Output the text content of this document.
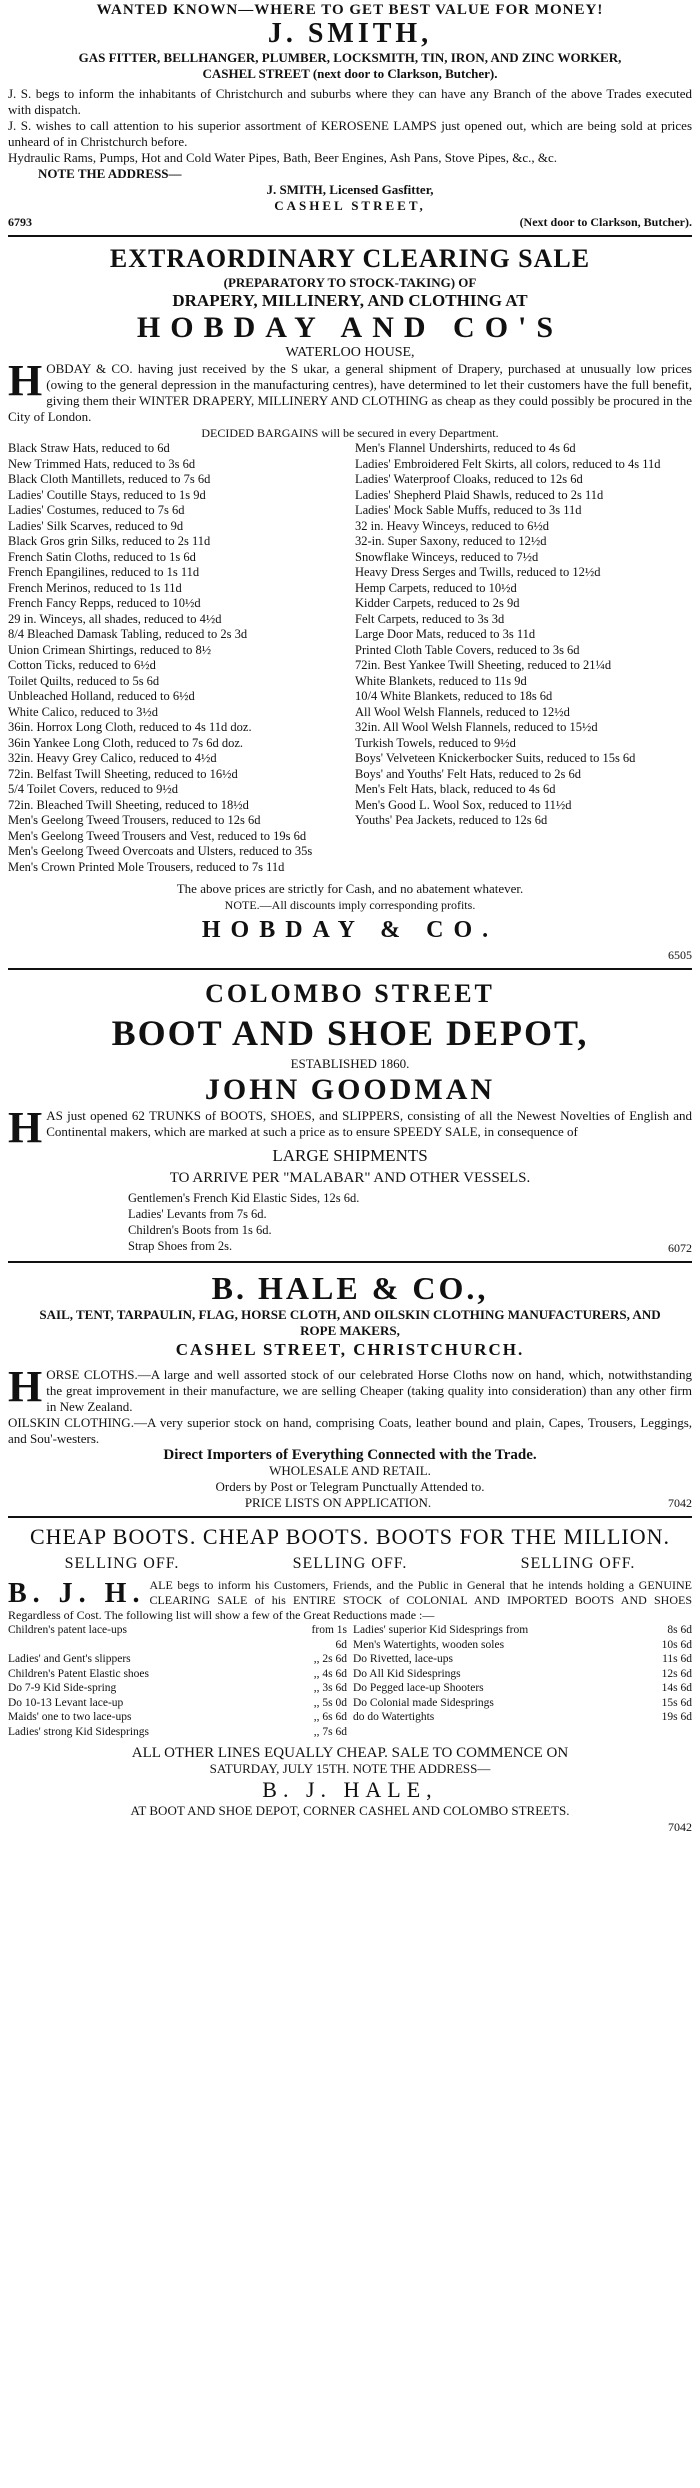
WANTED KNOWN—WHERE TO GET BEST VALUE FOR MONEY!
J. SMITH,
GAS FITTER, BELLHANGER, PLUMBER, LOCKSMITH, TIN, IRON, AND ZINC WORKER,
CASHEL STREET (next door to Clarkson, Butcher).

J. S. begs to inform the inhabitants of Christchurch and suburbs where they can have any Branch of the above Trades executed with dispatch.

J. S. wishes to call attention to his superior assortment of KEROSENE LAMPS just opened out, which are being sold at prices unheard of in Christchurch before.

Hydraulic Rams, Pumps, Hot and Cold Water Pipes, Bath, Beer Engines, Ash Pans, Stove Pipes, &c., &c.

NOTE THE ADDRESS—
J. SMITH, Licensed Gasfitter,
CASHEL STREET,
6793	(Next door to Clarkson, Butcher).
EXTRAORDINARY CLEARING SALE
(PREPARATORY TO STOCK-TAKING) OF
DRAPERY, MILLINERY, AND CLOTHING AT
HOBDAY AND CO'S
WATERLOO HOUSE,

HOBDAY & CO. having just received by the S ukar, a general shipment of Drapery, purchased at unusually low prices (owing to the general depression in the manufacturing centres), have determined to let their customers have the full benefit, giving them their WINTER DRAPERY, MILLINERY AND CLOTHING as cheap as they could possibly be procured in the City of London.

DECIDED BARGAINS will be secured in every Department.
Black Straw Hats, reduced to 6d
New Trimmed Hats, reduced to 3s 6d
Black Cloth Mantillets, reduced to 7s 6d
Ladies' Coutille Stays, reduced to 1s 9d
Ladies' Costumes, reduced to 7s 6d
Ladies' Silk Scarves, reduced to 9d
Black Gros grin Silks, reduced to 2s 11d
French Satin Cloths, reduced to 1s 6d
French Epangilines, reduced to 1s 11d
French Merinos, reduced to 1s 11d
French Fancy Repps, reduced to 10½d
29 in. Winceys, all shades, reduced to 4½d
8/4 Bleached Damask Tabling, reduced to 2s 3d
Union Crimean Shirtings, reduced to 8½
Cotton Ticks, reduced to 6½d
Toilet Quilts, reduced to 5s 6d
Unbleached Holland, reduced to 6½d
White Calico, reduced to 3½d
36in. Horrox Long Cloth, reduced to 4s 11d doz.
36in Yankee Long Cloth, reduced to 7s 6d doz.
32in. Heavy Grey Calico, reduced to 4½d
72in. Belfast Twill Sheeting, reduced to 16½d
5/4 Toilet Covers, reduced to 9½d
72in. Bleached Twill Sheeting, reduced to 18½d
Men's Geelong Tweed Trousers, reduced to 12s 6d
Men's Geelong Tweed Trousers and Vest, reduced to 19s 6d
Men's Geelong Tweed Overcoats and Ulsters, reduced to 35s
Men's Crown Printed Mole Trousers, reduced to 7s 11d
Men's Flannel Undershirts, reduced to 4s 6d
Ladies' Embroidered Felt Skirts, all colors, reduced to 4s 11d
Ladies' Waterproof Cloaks, reduced to 12s 6d
Ladies' Shepherd Plaid Shawls, reduced to 2s 11d
Ladies' Mock Sable Muffs, reduced to 3s 11d
32 in. Heavy Winceys, reduced to 6½d
32-in. Super Saxony, reduced to 12½d
Snowflake Winceys, reduced to 7½d
Heavy Dress Serges and Twills, reduced to 12½d
Hemp Carpets, reduced to 10½d
Kidder Carpets, reduced to 2s 9d
Felt Carpets, reduced to 3s 3d
Large Door Mats, reduced to 3s 11d
Printed Cloth Table Covers, reduced to 3s 6d
72in. Best Yankee Twill Sheeting, reduced to 21¼d
White Blankets, reduced to 11s 9d
10/4 White Blankets, reduced to 18s 6d
All Wool Welsh Flannels, reduced to 12½d
32in. All Wool Welsh Flannels, reduced to 15½d
Turkish Towels, reduced to 9½d
Boys' Velveteen Knickerbocker Suits, reduced to 15s 6d
Boys' and Youths' Felt Hats, reduced to 2s 6d
Men's Felt Hats, black, reduced to 4s 6d
Men's Good L. Wool Sox, reduced to 11½d
Youths' Pea Jackets, reduced to 12s 6d
The above prices are strictly for Cash, and no abatement whatever.
NOTE.—All discounts imply corresponding profits.
HOBDAY & CO.
6505
COLOMBO STREET
BOOT AND SHOE DEPOT,
ESTABLISHED 1860.
JOHN GOODMAN

HAS just opened 62 TRUNKS of BOOTS, SHOES, and SLIPPERS, consisting of all the Newest Novelties of English and Continental makers, which are marked at such a price as to ensure SPEEDY SALE, in consequence of

LARGE SHIPMENTS
TO ARRIVE PER "MALABAR" AND OTHER VESSELS.
Gentlemen's French Kid Elastic Sides, 12s 6d.
Ladies' Levants from 7s 6d.
Children's Boots from 1s 6d.
Strap Shoes from 2s.	6072
B. HALE & CO.,
SAIL, TENT, TARPAULIN, FLAG, HORSE CLOTH, AND OILSKIN CLOTHING MANUFACTURERS, AND ROPE MAKERS,
CASHEL STREET, CHRISTCHURCH.

HORSE CLOTHS.—A large and well assorted stock of our celebrated Horse Cloths now on hand, which, notwithstanding the great improvement in their manufacture, we are selling Cheaper (taking quality into consideration) than any other firm in New Zealand.

OILSKIN CLOTHING.—A very superior stock on hand, comprising Coats, leather bound and plain, Capes, Trousers, Leggings, and Sou'-westers.

Direct Importers of Everything Connected with the Trade.
WHOLESALE AND RETAIL.
Orders by Post or Telegram Punctually Attended to.
PRICE LISTS ON APPLICATION.	7042
CHEAP BOOTS. CHEAP BOOTS. BOOTS FOR THE MILLION.
SELLING OFF.	SELLING OFF.	SELLING OFF.

B. J. H. ALE begs to inform his Customers, Friends, and the Public in General that he intends holding a GENUINE CLEARING SALE of his ENTIRE STOCK of COLONIAL AND IMPORTED BOOTS AND SHOES Regardless of Cost. The following list will show a few of the Great Reductions made :—

Children's patent lace-ups	from 1s 6d
Ladies' and Gent's slippers	,, 2s 6d
Children's Patent Elastic shoes	,, 4s 6d
Do 7-9 Kid Side-spring	,, 3s 6d
Do 10-13 Levant lace-up	,, 5s 0d
Maids' one to two lace-ups	,, 6s 6d
Ladies' strong Kid Sidesprings	,, 7s 6d
Ladies' superior Kid Sidesprings from	8s 6d
Men's Watertights, wooden soles	10s 6d
Do Rivetted, lace-ups	11s 6d
Do All Kid Sidesprings	12s 6d
Do Pegged lace-up Shooters	14s 6d
Do Colonial made Sidesprings	15s 6d
do do Watertights	19s 6d
ALL OTHER LINES EQUALLY CHEAP. SALE TO COMMENCE ON
SATURDAY, JULY 15TH. NOTE THE ADDRESS—
B. J. HALE,
AT BOOT AND SHOE DEPOT, CORNER CASHEL AND COLOMBO STREETS.
7042
